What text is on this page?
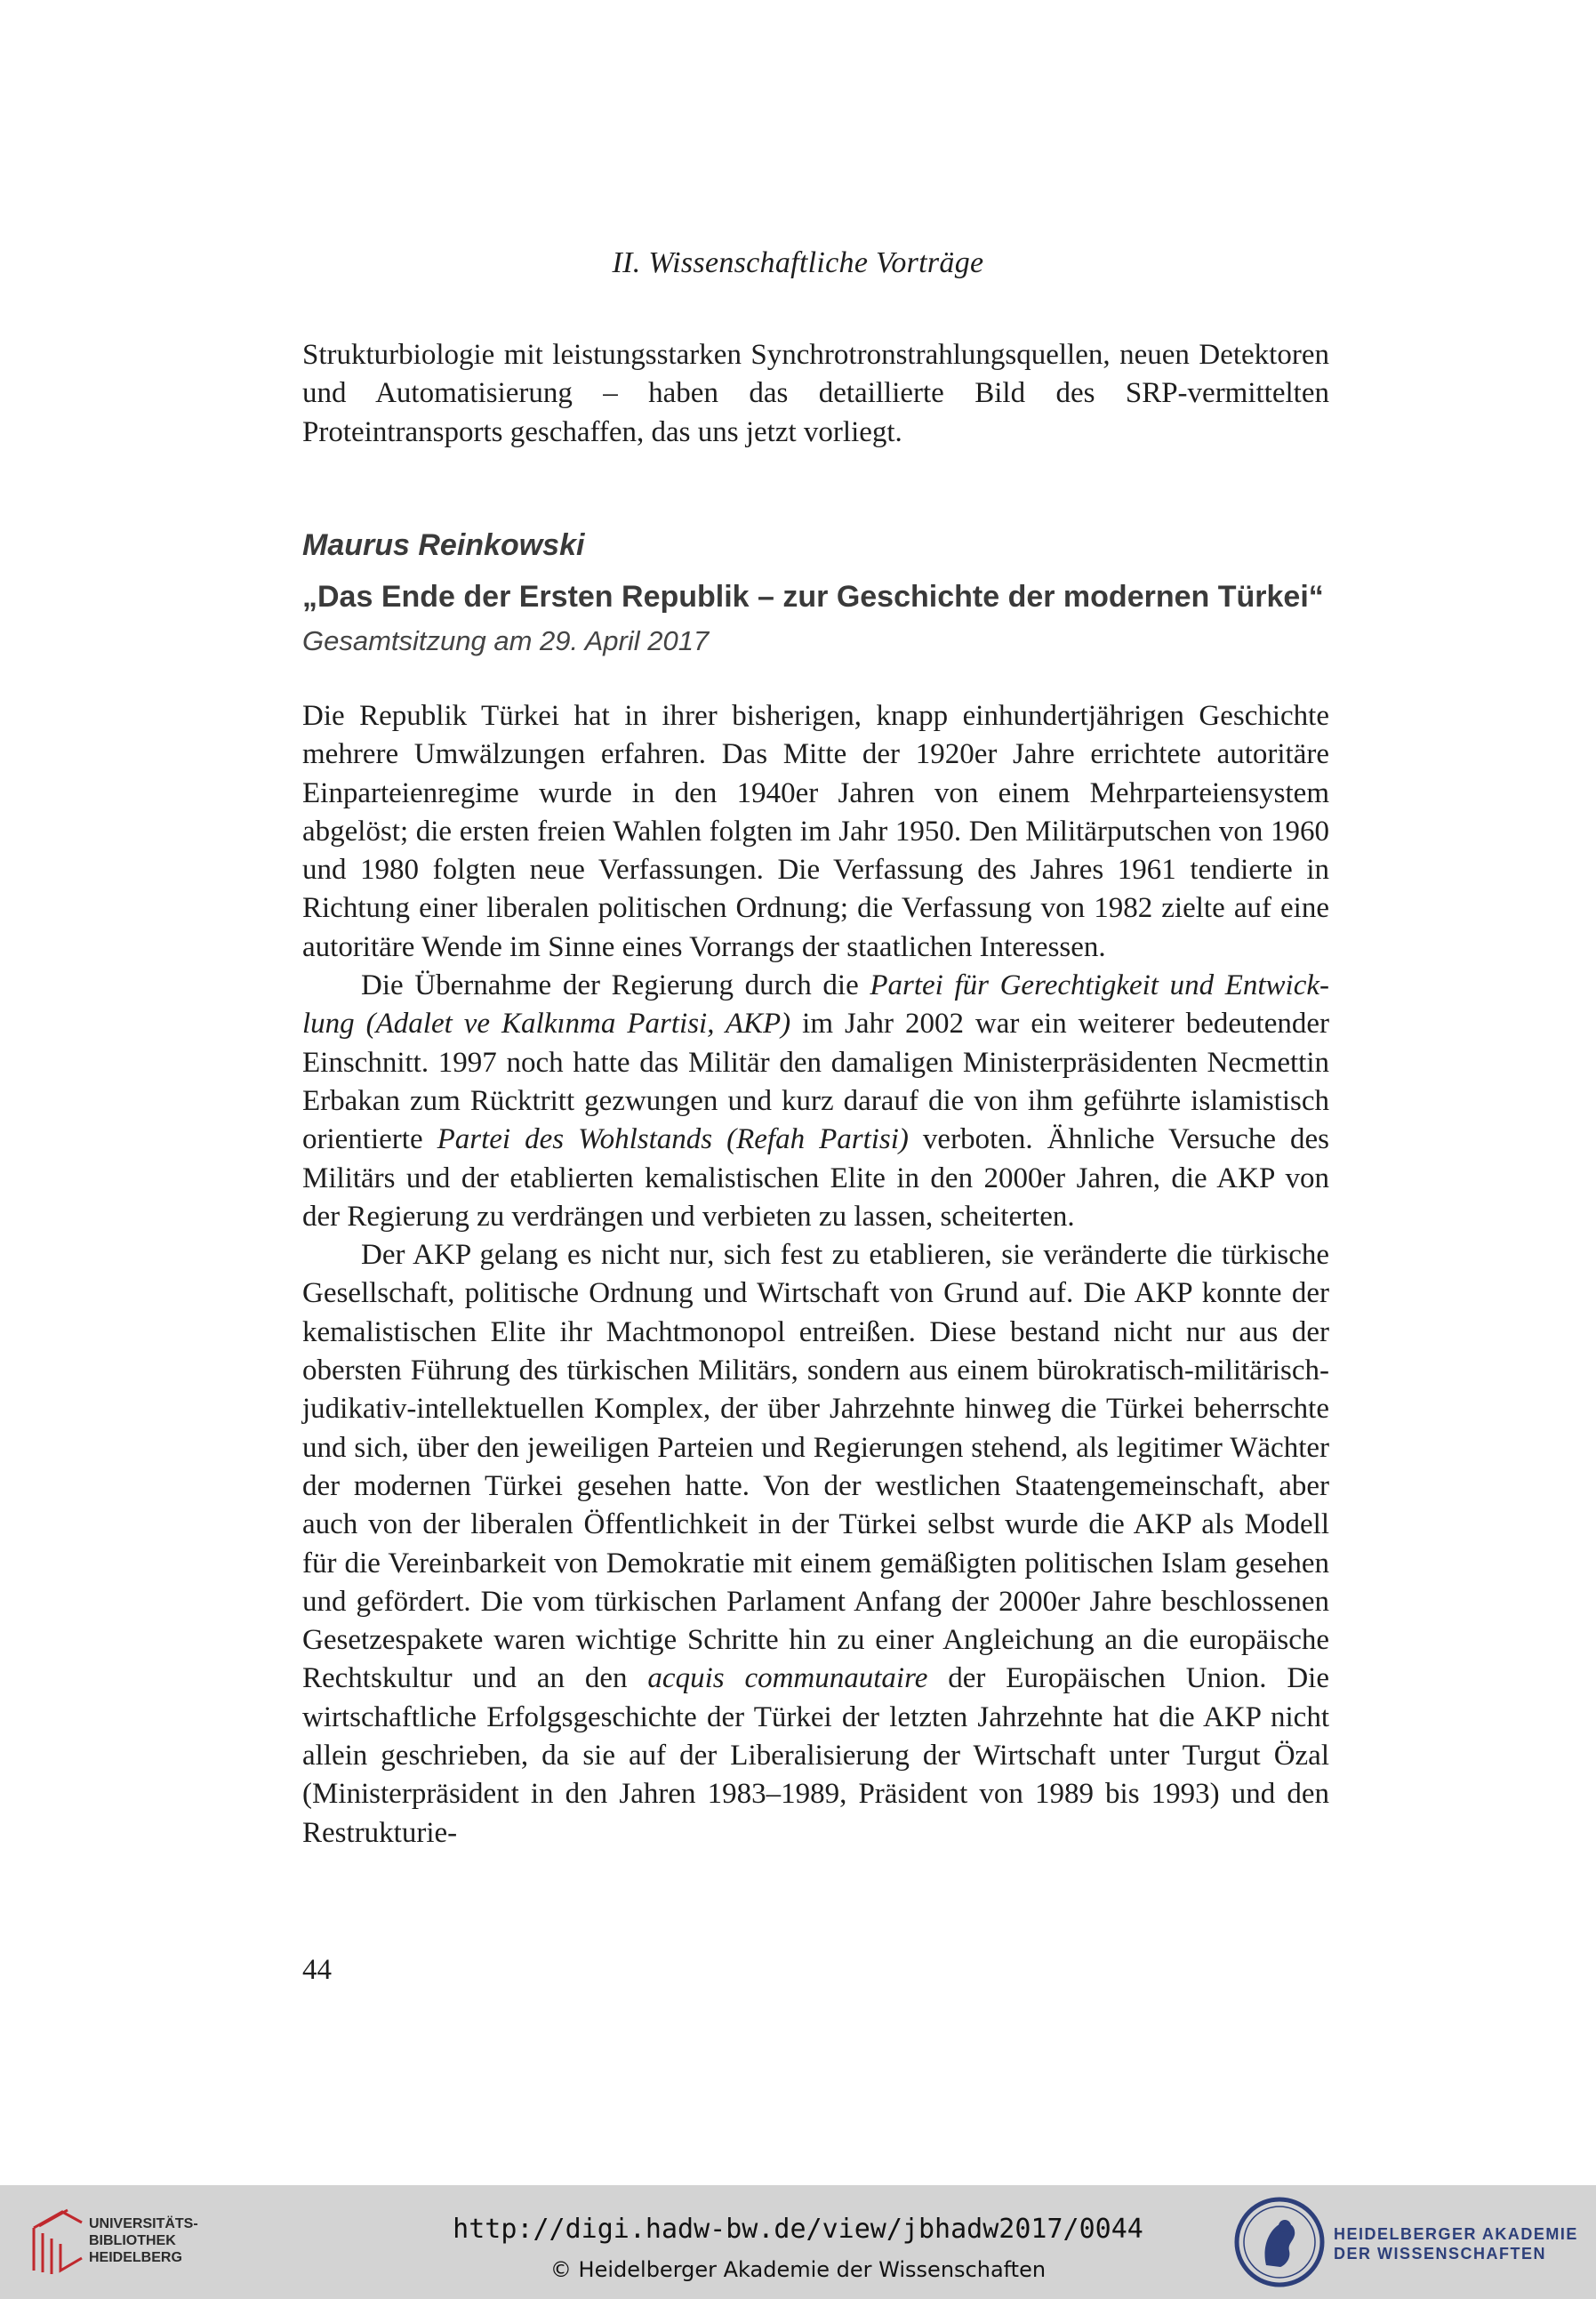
II. Wissenschaftliche Vorträge

Strukturbiologie mit leistungsstarken Synchrotronstrahlungsquellen, neuen Detektoren und Automatisierung – haben das detaillierte Bild des SRP-vermittelten Proteintransports geschaffen, das uns jetzt vorliegt.

Maurus Reinkowski
„Das Ende der Ersten Republik – zur Geschichte der modernen Türkei“
Gesamtsitzung am 29. April 2017

Die Republik Türkei hat in ihrer bisherigen, knapp einhundertjährigen Geschichte mehrere Umwälzungen erfahren. Das Mitte der 1920er Jahre errichtete autoritäre Einparteienregime wurde in den 1940er Jahren von einem Mehrparteiensystem abgelöst; die ersten freien Wahlen folgten im Jahr 1950. Den Militärputschen von 1960 und 1980 folgten neue Verfassungen. Die Verfassung des Jahres 1961 tendierte in Richtung einer liberalen politischen Ordnung; die Verfassung von 1982 zielte auf eine autoritäre Wende im Sinne eines Vorrangs der staatlichen Interessen.

Die Übernahme der Regierung durch die Partei für Gerechtigkeit und Entwicklung (Adalet ve Kalkınma Partisi, AKP) im Jahr 2002 war ein weiterer bedeutender Einschnitt. 1997 noch hatte das Militär den damaligen Ministerpräsidenten Necmettin Erbakan zum Rücktritt gezwungen und kurz darauf die von ihm geführte islamistisch orientierte Partei des Wohlstands (Refah Partisi) verboten. Ähnliche Versuche des Militärs und der etablierten kemalistischen Elite in den 2000er Jahren, die AKP von der Regierung zu verdrängen und verbieten zu lassen, scheiterten.

Der AKP gelang es nicht nur, sich fest zu etablieren, sie veränderte die türkische Gesellschaft, politische Ordnung und Wirtschaft von Grund auf. Die AKP konnte der kemalistischen Elite ihr Machtmonopol entreißen. Diese bestand nicht nur aus der obersten Führung des türkischen Militärs, sondern aus einem bürokratisch-militärisch-judikativ-intellektuellen Komplex, der über Jahrzehnte hinweg die Türkei beherrschte und sich, über den jeweiligen Parteien und Regierungen stehend, als legitimer Wächter der modernen Türkei gesehen hatte. Von der westlichen Staatengemeinschaft, aber auch von der liberalen Öffentlichkeit in der Türkei selbst wurde die AKP als Modell für die Vereinbarkeit von Demokratie mit einem gemäßigten politischen Islam gesehen und gefördert. Die vom türkischen Parlament Anfang der 2000er Jahre beschlossenen Gesetzespakete waren wichtige Schritte hin zu einer Angleichung an die europäische Rechtskultur und an den acquis communautaire der Europäischen Union. Die wirtschaftliche Erfolgsgeschichte der Türkei der letzten Jahrzehnte hat die AKP nicht allein geschrieben, da sie auf der Liberalisierung der Wirtschaft unter Turgut Özal (Ministerpräsident in den Jahren 1983–1989, Präsident von 1989 bis 1993) und den Restrukturie-

44
UNIVERSITÄTS-
BIBLIOTHEK
HEIDELBERG
http://digi.hadw-bw.de/view/jbhadw2017/0044
© Heidelberger Akademie der Wissenschaften
HEIDELBERGER AKADEMIE
DER WISSENSCHAFTEN
